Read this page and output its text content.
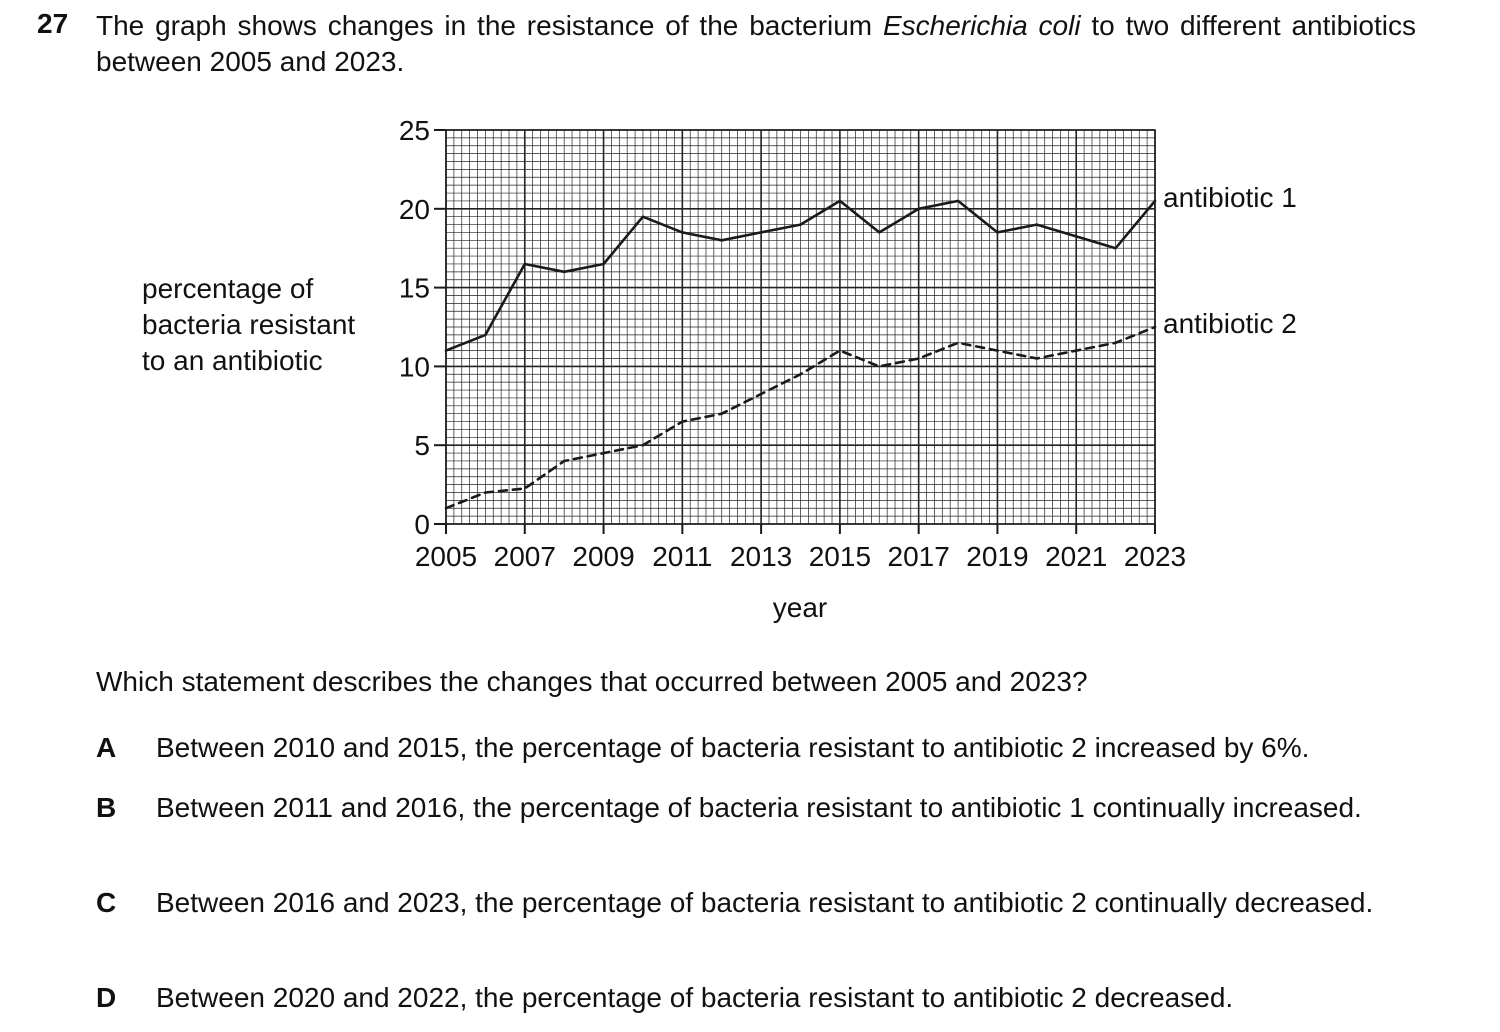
27 The graph shows changes in the resistance of the bacterium Escherichia coli to two different antibiotics between 2005 and 2023.
0
5
10
15
20
25
2005 2007 2009 2011 2013 2015 2017 2019 2021 2023
year
percentage of
bacteria resistant
to an antibiotic
antibiotic 1
antibiotic 2
Which statement describes the changes that occurred between 2005 and 2023?
A Between 2010 and 2015, the percentage of bacteria resistant to antibiotic 2 increased by 6%.
B Between 2011 and 2016, the percentage of bacteria resistant to antibiotic 1 continually increased.
C Between 2016 and 2023, the percentage of bacteria resistant to antibiotic 2 continually decreased.
D Between 2020 and 2022, the percentage of bacteria resistant to antibiotic 2 decreased.
